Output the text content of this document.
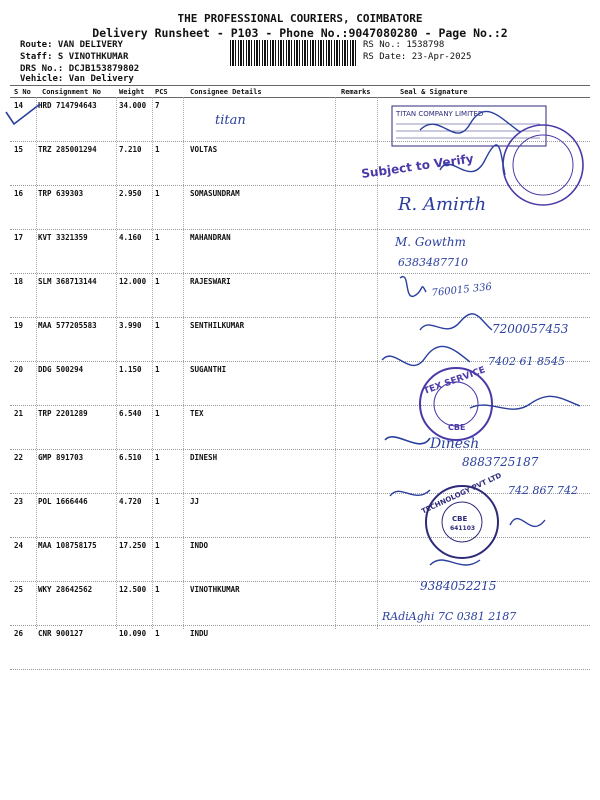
THE PROFESSIONAL COURIERS, COIMBATORE
Delivery Runsheet - P103 - Phone No.:9047080280 - Page No.:2
Route: VAN DELIVERY
Staff: S VINOTHKUMAR
DRS No.: DCJB153879802
Vehicle: Van Delivery
RS No.: 1538798
RS Date: 23-Apr-2025
S No Consignment No	Weight PCS	Consignee Details	Remarks	Seal & Signature
14 HRD 714794643	34.000 7
15 TRZ 285001294	7.210 1	VOLTAS
16 TRP 639303	2.950 1	SOMASUNDRAM
17 KVT 3321359	4.160 1	MAHANDRAN
18 SLM 368713144	12.000 1	RAJESWARI
19 MAA 577205583	3.990 1	SENTHILKUMAR
20 DDG 500294	1.150 1	SUGANTHI
21 TRP 2201289	6.540 1	TEX
22 GMP 891703	6.510 1	DINESH
23 POL 1666446	4.720 1	JJ
24 MAA 108758175	17.250 1	INDO
25 WKY 28642562	12.500 1	VINOTHKUMAR
26 CNR 900127	10.090 1	INDU
titan	TITAN COMPANY LIMITED
Subject to Verify
R. Amirth
M. Gowthm
6383487710
760015 336
7200057453
7402 61 8545
TEX SERVICE
CBE
Dinesh
8883725187
742 867 742
TECHNOLOGY PVT LTD
CBE
641103
9384052215
RAdiAghi 7C 0381 2187
